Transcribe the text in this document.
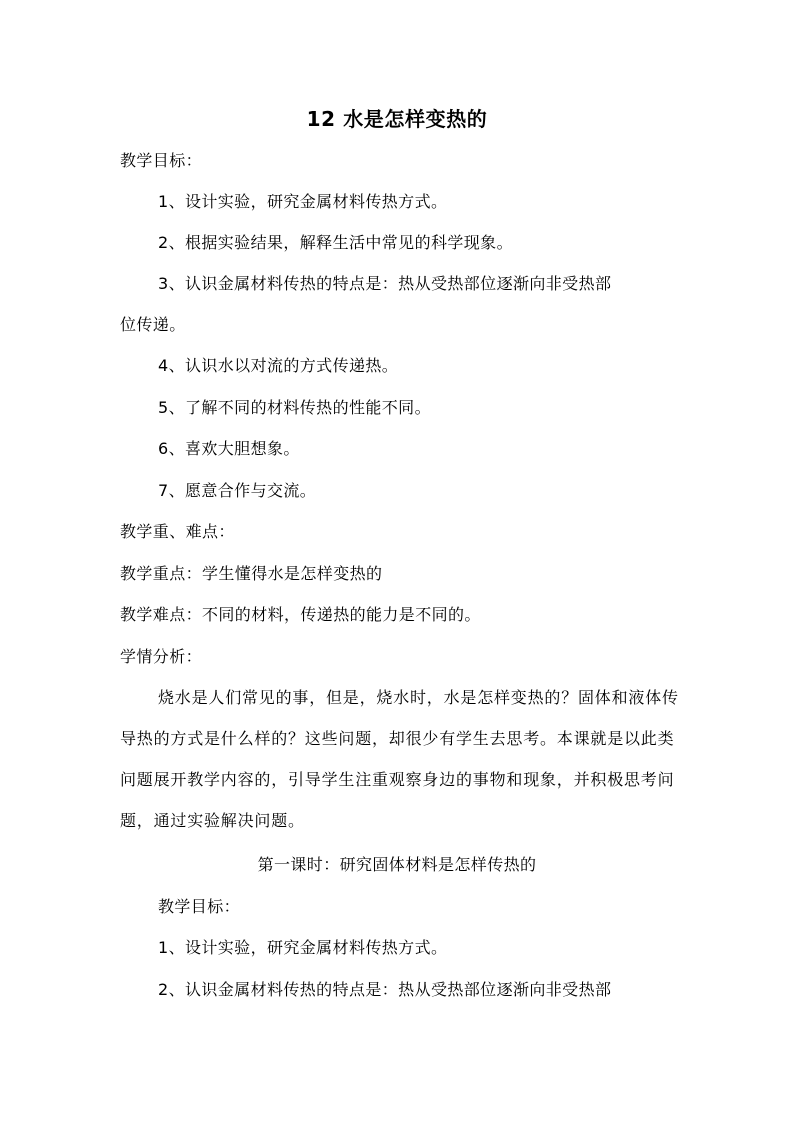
12 水是怎样变热的
教学目标：
1、设计实验，研究金属材料传热方式。
2、根据实验结果，解释生活中常见的科学现象。
3、认识金属材料传热的特点是：热从受热部位逐渐向非受热部
位传递。
4、认识水以对流的方式传递热。
5、了解不同的材料传热的性能不同。
6、喜欢大胆想象。
7、愿意合作与交流。
教学重、难点：
教学重点：学生懂得水是怎样变热的
教学难点：不同的材料，传递热的能力是不同的。
学情分析：
烧水是人们常见的事，但是，烧水时，水是怎样变热的？固体和液体传导热的方式是什么样的？这些问题，却很少有学生去思考。本课就是以此类问题展开教学内容的，引导学生注重观察身边的事物和现象，并积极思考问题，通过实验解决问题。
第一课时：研究固体材料是怎样传热的
教学目标：
1、设计实验，研究金属材料传热方式。
2、认识金属材料传热的特点是：热从受热部位逐渐向非受热部
